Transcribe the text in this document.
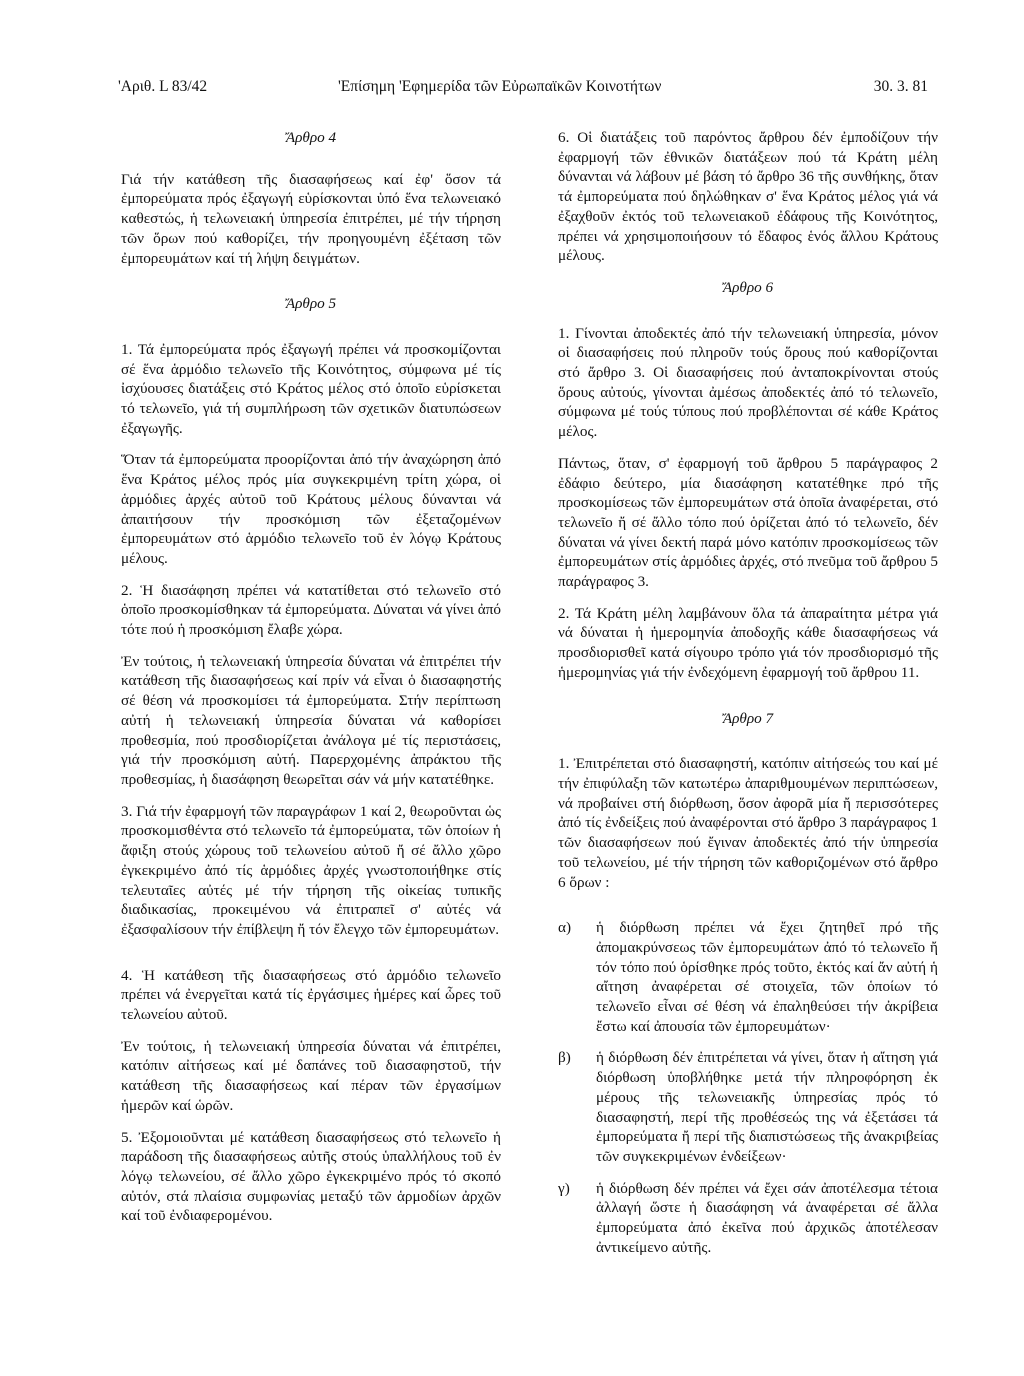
'Αριθ. L 83/42	'Επίσημη 'Εφημερίδα τῶν Εὐρωπαϊκῶν Κοινοτήτων	30. 3. 81

Ἄρθρο 4

Γιά τήν κατάθεση τῆς διασαφήσεως καί ἐφ' ὅσον τά ἐμπορεύματα πρός ἐξαγωγή εὑρίσκονται ὑπό ἕνα τελωνειακό καθεστώς, ἡ τελωνειακή ὑπηρεσία ἐπιτρέπει, μέ τήν τήρηση τῶν ὅρων πού καθορίζει, τήν προηγουμένη ἐξέταση τῶν ἐμπορευμάτων καί τή λήψη δειγμάτων.

Ἄρθρο 5

1. Τά ἐμπορεύματα πρός ἐξαγωγή πρέπει νά προσκομίζονται σέ ἕνα ἁρμόδιο τελωνεῖο τῆς Κοινότητος, σύμφωνα μέ τίς ἰσχύουσες διατάξεις στό Κράτος μέλος στό ὁποῖο εὑρίσκεται τό τελωνεῖο, γιά τή συμπλήρωση τῶν σχετικῶν διατυπώσεων ἐξαγωγῆς.

Ὅταν τά ἐμπορεύματα προορίζονται ἀπό τήν ἀναχώρηση ἀπό ἕνα Κράτος μέλος πρός μία συγκεκριμένη τρίτη χώρα, οἱ ἁρμόδιες ἀρχές αὐτοῦ τοῦ Κράτους μέλους δύνανται νά ἀπαιτήσουν τήν προσκόμιση τῶν ἐξεταζομένων ἐμπορευμάτων στό ἁρμόδιο τελωνεῖο τοῦ ἐν λόγῳ Κράτους μέλους.

2. Ἡ διασάφηση πρέπει νά κατατίθεται στό τελωνεῖο στό ὁποῖο προσκομίσθηκαν τά ἐμπορεύματα. Δύναται νά γίνει ἀπό τότε πού ἡ προσκόμιση ἔλαβε χώρα.

Ἐν τούτοις, ἡ τελωνειακή ὑπηρεσία δύναται νά ἐπιτρέπει τήν κατάθεση τῆς διασαφήσεως καί πρίν νά εἶναι ὁ διασαφηστής σέ θέση νά προσκομίσει τά ἐμπορεύματα. Στήν περίπτωση αὐτή ἡ τελωνειακή ὑπηρεσία δύναται νά καθορίσει προθεσμία, πού προσδιορίζεται ἀνάλογα μέ τίς περιστάσεις, γιά τήν προσκόμιση αὐτή. Παρερχομένης ἀπράκτου τῆς προθεσμίας, ἡ διασάφηση θεωρεῖται σάν νά μήν κατατέθηκε.

3. Γιά τήν ἐφαρμογή τῶν παραγράφων 1 καί 2, θεωροῦνται ὡς προσκομισθέντα στό τελωνεῖο τά ἐμπορεύματα, τῶν ὁποίων ἡ ἄφιξη στούς χώρους τοῦ τελωνείου αὐτοῦ ἤ σέ ἄλλο χῶρο ἐγκεκριμένο ἀπό τίς ἁρμόδιες ἀρχές γνωστοποιήθηκε στίς τελευταῖες αὐτές μέ τήν τήρηση τῆς οἰκείας τυπικῆς διαδικασίας, προκειμένου νά ἐπιτραπεῖ σ' αὐτές νά ἐξασφαλίσουν τήν ἐπίβλεψη ἤ τόν ἔλεγχο τῶν ἐμπορευμάτων.

4. Ἡ κατάθεση τῆς διασαφήσεως στό ἁρμόδιο τελωνεῖο πρέπει νά ἐνεργεῖται κατά τίς ἐργάσιμες ἡμέρες καί ὧρες τοῦ τελωνείου αὐτοῦ.

Ἐν τούτοις, ἡ τελωνειακή ὑπηρεσία δύναται νά ἐπιτρέπει, κατόπιν αἰτήσεως καί μέ δαπάνες τοῦ διασαφηστοῦ, τήν κατάθεση τῆς διασαφήσεως καί πέραν τῶν ἐργασίμων ἡμερῶν καί ὡρῶν.

5. Ἐξομοιοῦνται μέ κατάθεση διασαφήσεως στό τελωνεῖο ἡ παράδοση τῆς διασαφήσεως αὐτῆς στούς ὑπαλλήλους τοῦ ἐν λόγῳ τελωνείου, σέ ἄλλο χῶρο ἐγκεκριμένο πρός τό σκοπό αὐτόν, στά πλαίσια συμφωνίας μεταξύ τῶν ἁρμοδίων ἀρχῶν καί τοῦ ἐνδιαφερομένου.

6. Οἱ διατάξεις τοῦ παρόντος ἄρθρου δέν ἐμποδίζουν τήν ἐφαρμογή τῶν ἐθνικῶν διατάξεων πού τά Κράτη μέλη δύνανται νά λάβουν μέ βάση τό ἄρθρο 36 τῆς συνθήκης, ὅταν τά ἐμπορεύματα πού δηλώθηκαν σ' ἕνα Κράτος μέλος γιά νά ἐξαχθοῦν ἐκτός τοῦ τελωνειακοῦ ἐδάφους τῆς Κοινότητος, πρέπει νά χρησιμοποιήσουν τό ἔδαφος ἑνός ἄλλου Κράτους μέλους.

Ἄρθρο 6

1. Γίνονται ἀποδεκτές ἀπό τήν τελωνειακή ὑπηρεσία, μόνον οἱ διασαφήσεις πού πληροῦν τούς ὅρους πού καθορίζονται στό ἄρθρο 3. Οἱ διασαφήσεις πού ἀνταποκρίνονται στούς ὅρους αὐτούς, γίνονται ἀμέσως ἀποδεκτές ἀπό τό τελωνεῖο, σύμφωνα μέ τούς τύπους πού προβλέπονται σέ κάθε Κράτος μέλος.

Πάντως, ὅταν, σ' ἐφαρμογή τοῦ ἄρθρου 5 παράγραφος 2 ἐδάφιο δεύτερο, μία διασάφηση κατατέθηκε πρό τῆς προσκομίσεως τῶν ἐμπορευμάτων στά ὁποῖα ἀναφέρεται, στό τελωνεῖο ἤ σέ ἄλλο τόπο πού ὁρίζεται ἀπό τό τελωνεῖο, δέν δύναται νά γίνει δεκτή παρά μόνο κατόπιν προσκομίσεως τῶν ἐμπορευμάτων στίς ἁρμόδιες ἀρχές, στό πνεῦμα τοῦ ἄρθρου 5 παράγραφος 3.

2. Τά Κράτη μέλη λαμβάνουν ὅλα τά ἀπαραίτητα μέτρα γιά νά δύναται ἡ ἡμερομηνία ἀποδοχῆς κάθε διασαφήσεως νά προσδιορισθεῖ κατά σίγουρο τρόπο γιά τόν προσδιορισμό τῆς ἡμερομηνίας γιά τήν ἐνδεχόμενη ἐφαρμογή τοῦ ἄρθρου 11.

Ἄρθρο 7

1. Ἐπιτρέπεται στό διασαφηστή, κατόπιν αἰτήσεώς του καί μέ τήν ἐπιφύλαξη τῶν κατωτέρω ἀπαριθμουμένων περιπτώσεων, νά προβαίνει στή διόρθωση, ὅσον ἀφορᾶ μία ἤ περισσότερες ἀπό τίς ἐνδείξεις πού ἀναφέρονται στό ἄρθρο 3 παράγραφος 1 τῶν διασαφήσεων πού ἔγιναν ἀποδεκτές ἀπό τήν ὑπηρεσία τοῦ τελωνείου, μέ τήν τήρηση τῶν καθοριζομένων στό ἄρθρο 6 ὅρων :

α)	ἡ διόρθωση πρέπει νά ἔχει ζητηθεῖ πρό τῆς ἀπομακρύνσεως τῶν ἐμπορευμάτων ἀπό τό τελωνεῖο ἤ τόν τόπο πού ὁρίσθηκε πρός τοῦτο, ἐκτός καί ἄν αὐτή ἡ αἴτηση ἀναφέρεται σέ στοιχεῖα, τῶν ὁποίων τό τελωνεῖο εἶναι σέ θέση νά ἐπαληθεύσει τήν ἀκρίβεια ἔστω καί ἀπουσία τῶν ἐμπορευμάτων·
β)	ἡ διόρθωση δέν ἐπιτρέπεται νά γίνει, ὅταν ἡ αἴτηση γιά διόρθωση ὑποβλήθηκε μετά τήν πληροφόρηση ἐκ μέρους τῆς τελωνειακῆς ὑπηρεσίας πρός τό διασαφηστή, περί τῆς προθέσεώς της νά ἐξετάσει τά ἐμπορεύματα ἤ περί τῆς διαπιστώσεως τῆς ἀνακριβείας τῶν συγκεκριμένων ἐνδείξεων·
γ)	ἡ διόρθωση δέν πρέπει νά ἔχει σάν ἀποτέλεσμα τέτοια ἀλλαγή ὥστε ἡ διασάφηση νά ἀναφέρεται σέ ἄλλα ἐμπορεύματα ἀπό ἐκεῖνα πού ἀρχικῶς ἀποτέλεσαν ἀντικείμενο αὐτῆς.
